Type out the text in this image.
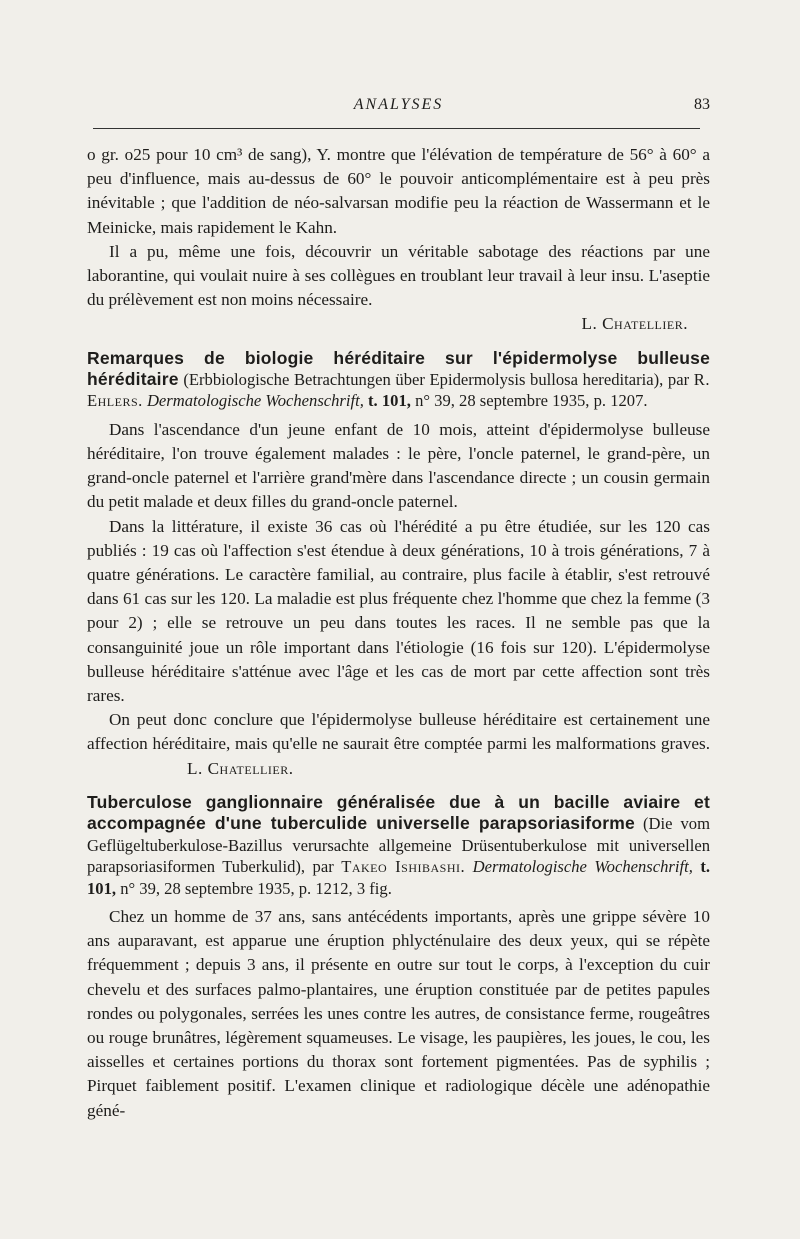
ANALYSES	83

o gr. o25 pour 10 cm³ de sang), Y. montre que l'élévation de température de 56° à 60° a peu d'influence, mais au-dessus de 60° le pouvoir anticomplémentaire est à peu près inévitable ; que l'addition de néo-salvarsan modifie peu la réaction de Wassermann et le Meinicke, mais rapidement le Kahn.

Il a pu, même une fois, découvrir un véritable sabotage des réactions par une laborantine, qui voulait nuire à ses collègues en troublant leur travail à leur insu. L'aseptie du prélèvement est non moins nécessaire.

L. Chatellier.

Remarques de biologie héréditaire sur l'épidermolyse bulleuse héréditaire (Erbbiologische Betrachtungen über Epidermolysis bullosa hereditaria), par R. Ehlers. Dermatologische Wochenschrift, t. 101, n° 39, 28 septembre 1935, p. 1207.

Dans l'ascendance d'un jeune enfant de 10 mois, atteint d'épidermolyse bulleuse héréditaire, l'on trouve également malades : le père, l'oncle paternel, le grand-père, un grand-oncle paternel et l'arrière grand'mère dans l'ascendance directe ; un cousin germain du petit malade et deux filles du grand-oncle paternel.

Dans la littérature, il existe 36 cas où l'hérédité a pu être étudiée, sur les 120 cas publiés : 19 cas où l'affection s'est étendue à deux générations, 10 à trois générations, 7 à quatre générations. Le caractère familial, au contraire, plus facile à établir, s'est retrouvé dans 61 cas sur les 120. La maladie est plus fréquente chez l'homme que chez la femme (3 pour 2) ; elle se retrouve un peu dans toutes les races. Il ne semble pas que la consanguinité joue un rôle important dans l'étiologie (16 fois sur 120). L'épidermolyse bulleuse héréditaire s'atténue avec l'âge et les cas de mort par cette affection sont très rares.

On peut donc conclure que l'épidermolyse bulleuse héréditaire est certainement une affection héréditaire, mais qu'elle ne saurait être comptée parmi les malformations graves.L. Chatellier.

Tuberculose ganglionnaire généralisée due à un bacille aviaire et accompagnée d'une tuberculide universelle parapsoriasiforme (Die vom Geflügeltuberkulose-Bazillus verursachte allgemeine Drüsentuberkulose mit universellen parapsoriasiformen Tuberkulid), par Takeo Ishibashi. Dermatologische Wochenschrift, t. 101, n° 39, 28 septembre 1935, p. 1212, 3 fig.

Chez un homme de 37 ans, sans antécédents importants, après une grippe sévère 10 ans auparavant, est apparue une éruption phlycténulaire des deux yeux, qui se répète fréquemment ; depuis 3 ans, il présente en outre sur tout le corps, à l'exception du cuir chevelu et des surfaces palmo-plantaires, une éruption constituée par de petites papules rondes ou polygonales, serrées les unes contre les autres, de consistance ferme, rougeâtres ou rouge brunâtres, légèrement squameuses. Le visage, les paupières, les joues, le cou, les aisselles et certaines portions du thorax sont fortement pigmentées. Pas de syphilis ; Pirquet faiblement positif. L'examen clinique et radiologique décèle une adénopathie géné-
